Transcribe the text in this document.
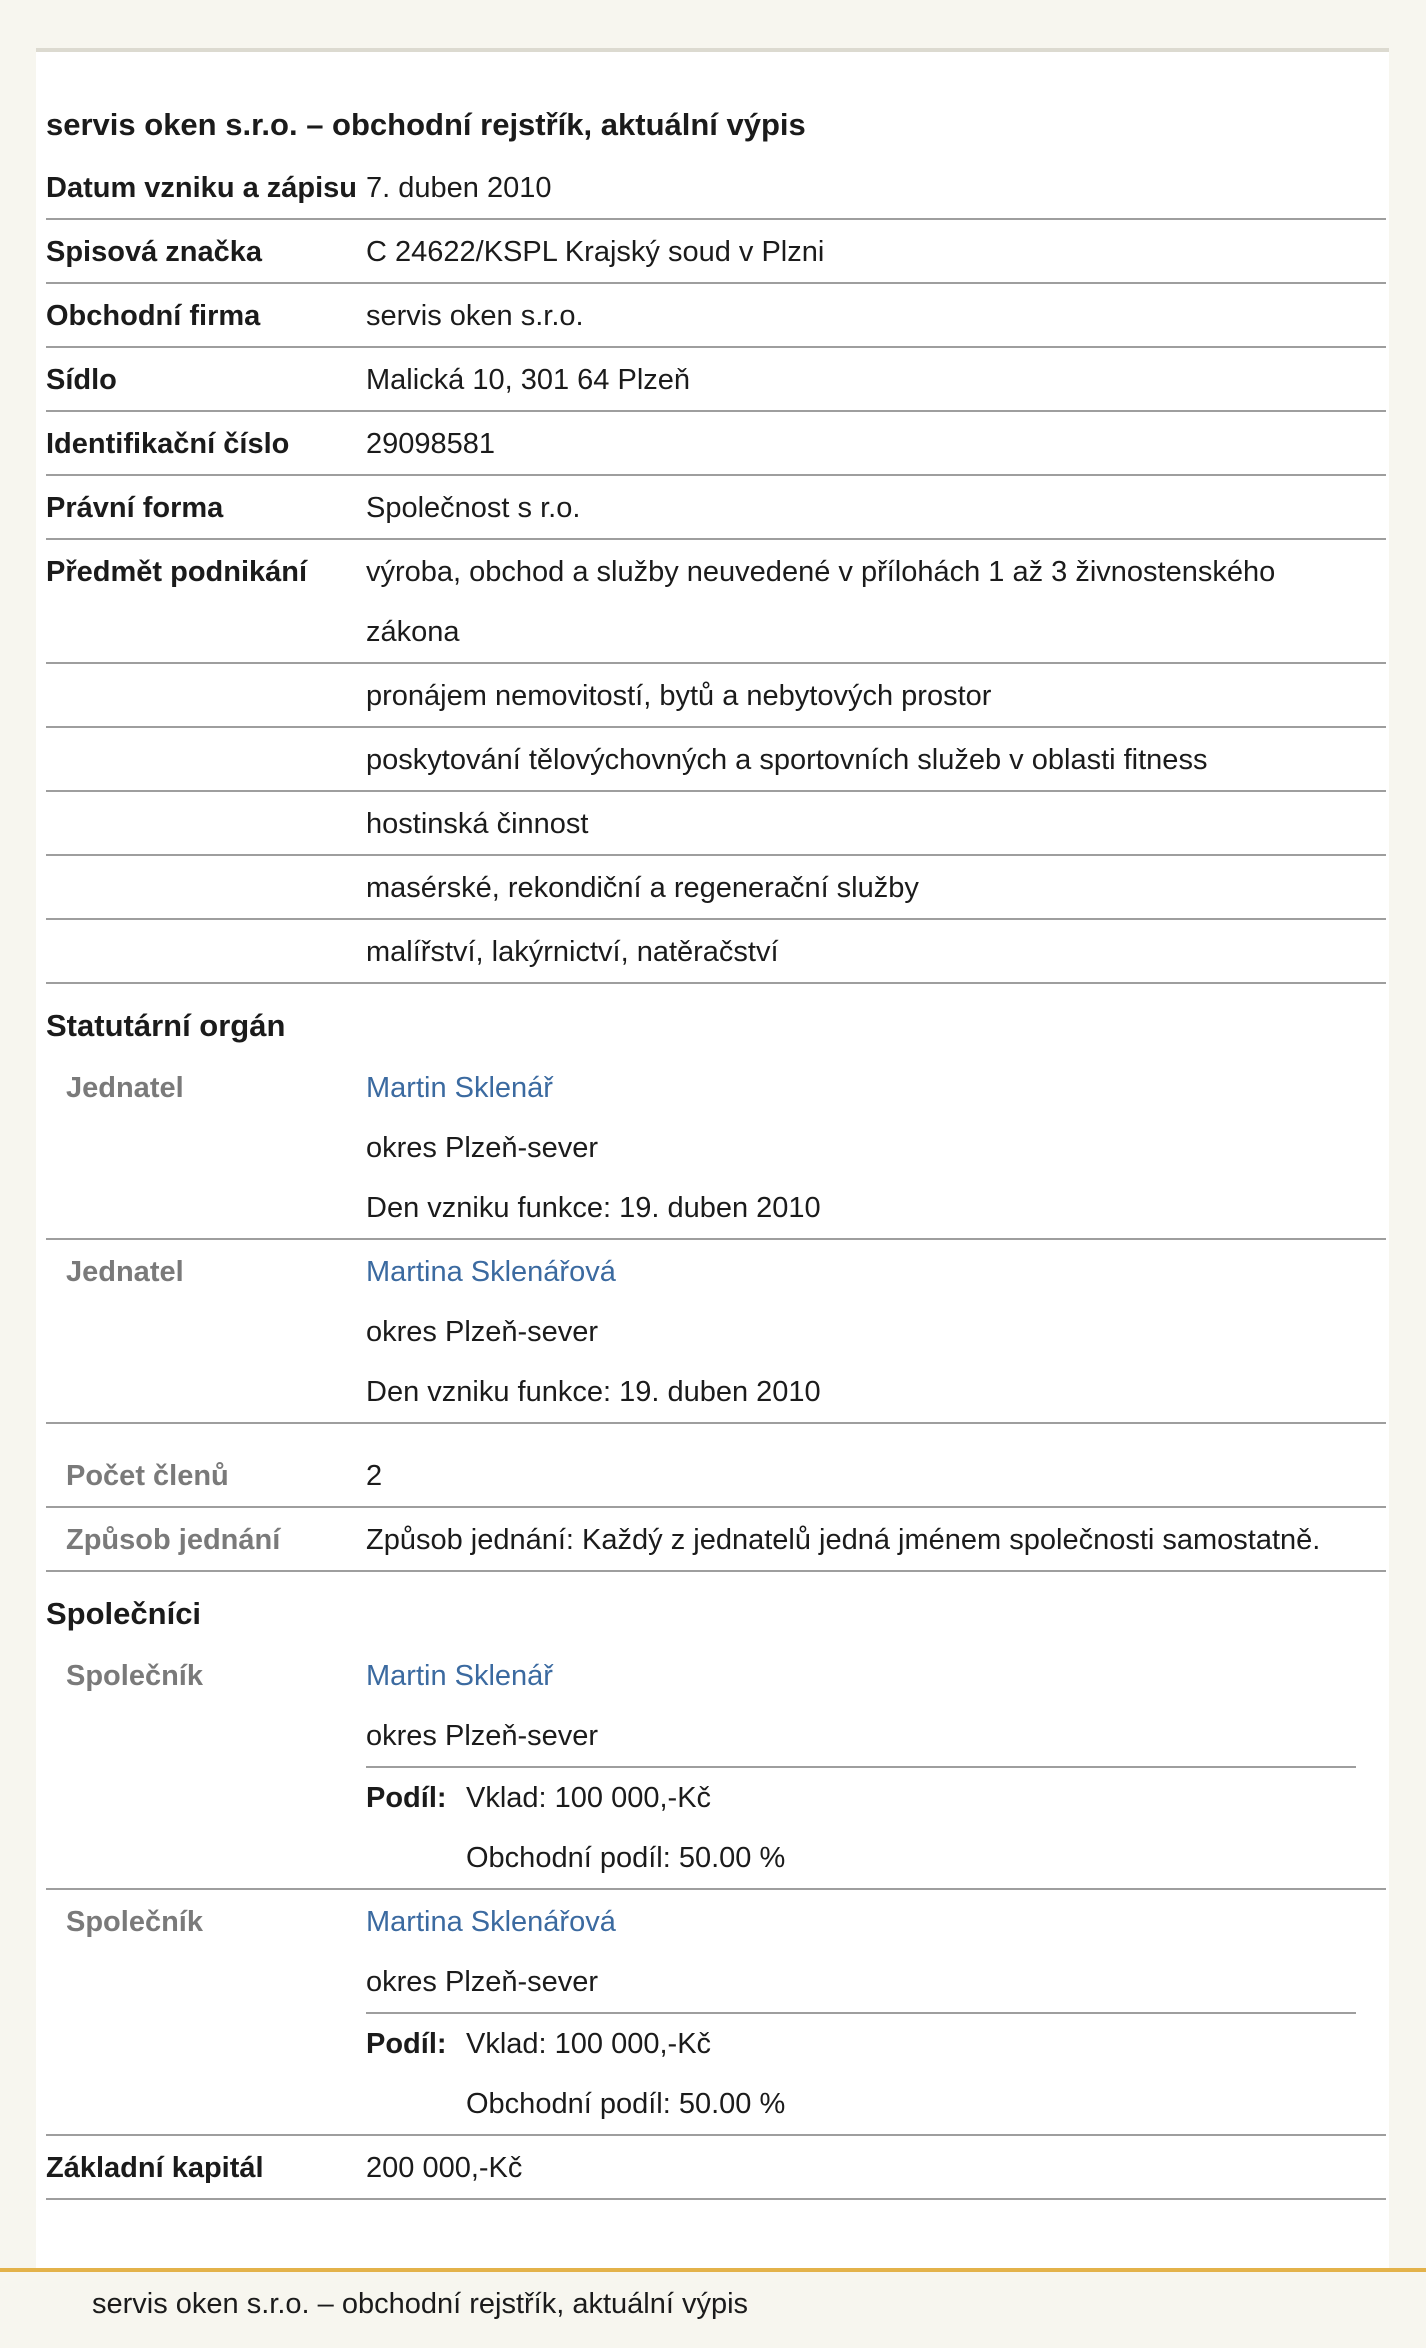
servis oken s.r.o. – obchodní rejstřík, aktuální výpis
Datum vzniku a zápisu 7. duben 2010
Spisová značka	C 24622/KSPL Krajský soud v Plzni
Obchodní firma	servis oken s.r.o.
Sídlo	Malická 10, 301 64 Plzeň
Identifikační číslo	29098581
Právní forma	Společnost s r.o.
Předmět podnikání	výroba, obchod a služby neuvedené v přílohách 1 až 3 živnostenského zákona
pronájem nemovitostí, bytů a nebytových prostor
poskytování tělovýchovných a sportovních služeb v oblasti fitness
hostinská činnost
masérské, rekondiční a regenerační služby
malířství, lakýrnictví, natěračství
Statutární orgán
Jednatel	Martin Sklenář
okres Plzeň-sever
Den vzniku funkce: 19. duben 2010
Jednatel	Martina Sklenářová
okres Plzeň-sever
Den vzniku funkce: 19. duben 2010
Počet členů	2
Způsob jednání	Způsob jednání: Každý z jednatelů jedná jménem společnosti samostatně.
Společníci
Společník	Martin Sklenář
okres Plzeň-sever
Podíl: Vklad: 100 000,-Kč
Obchodní podíl: 50.00 %
Společník	Martina Sklenářová
okres Plzeň-sever
Podíl: Vklad: 100 000,-Kč
Obchodní podíl: 50.00 %
Základní kapitál	200 000,-Kč
servis oken s.r.o. – obchodní rejstřík, aktuální výpis
